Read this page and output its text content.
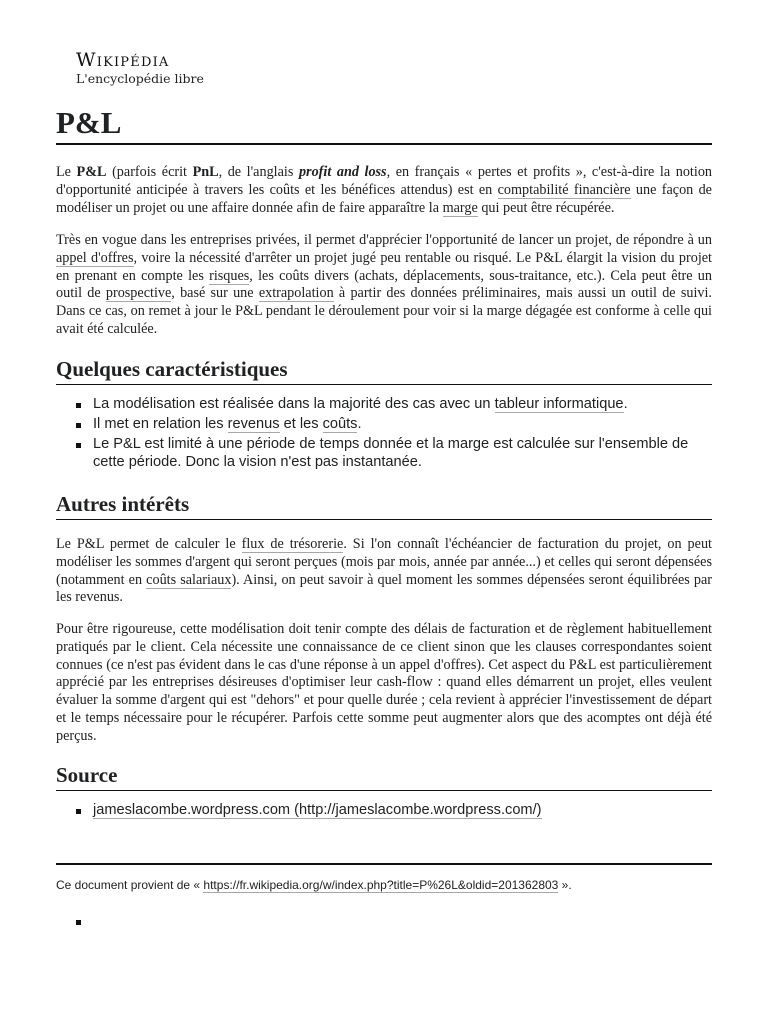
Wikipédia
L'encyclopédie libre
P&L

Le P&L (parfois écrit PnL, de l'anglais profit and loss, en français « pertes et profits », c'est-à-dire la notion d'opportunité anticipée à travers les coûts et les bénéfices attendus) est en comptabilité financière une façon de modéliser un projet ou une affaire donnée afin de faire apparaître la marge qui peut être récupérée.

Très en vogue dans les entreprises privées, il permet d'apprécier l'opportunité de lancer un projet, de répondre à un appel d'offres, voire la nécessité d'arrêter un projet jugé peu rentable ou risqué. Le P&L élargit la vision du projet en prenant en compte les risques, les coûts divers (achats, déplacements, sous-traitance, etc.). Cela peut être un outil de prospective, basé sur une extrapolation à partir des données préliminaires, mais aussi un outil de suivi. Dans ce cas, on remet à jour le P&L pendant le déroulement pour voir si la marge dégagée est conforme à celle qui avait été calculée.

Quelques caractéristiques
La modélisation est réalisée dans la majorité des cas avec un tableur informatique.
Il met en relation les revenus et les coûts.
Le P&L est limité à une période de temps donnée et la marge est calculée sur l'ensemble de cette période. Donc la vision n'est pas instantanée.
Autres intérêts

Le P&L permet de calculer le flux de trésorerie. Si l'on connaît l'échéancier de facturation du projet, on peut modéliser les sommes d'argent qui seront perçues (mois par mois, année par année...) et celles qui seront dépensées (notamment en coûts salariaux). Ainsi, on peut savoir à quel moment les sommes dépensées seront équilibrées par les revenus.

Pour être rigoureuse, cette modélisation doit tenir compte des délais de facturation et de règlement habituellement pratiqués par le client. Cela nécessite une connaissance de ce client sinon que les clauses correspondantes soient connues (ce n'est pas évident dans le cas d'une réponse à un appel d'offres). Cet aspect du P&L est particulièrement apprécié par les entreprises désireuses d'optimiser leur cash-flow : quand elles démarrent un projet, elles veulent évaluer la somme d'argent qui est "dehors" et pour quelle durée ; cela revient à apprécier l'investissement de départ et le temps nécessaire pour le récupérer. Parfois cette somme peut augmenter alors que des acomptes ont déjà été perçus.

Source
jameslacombe.wordpress.com (http://jameslacombe.wordpress.com/)
Ce document provient de « https://fr.wikipedia.org/w/index.php?title=P%26L&oldid=201362803 ».
